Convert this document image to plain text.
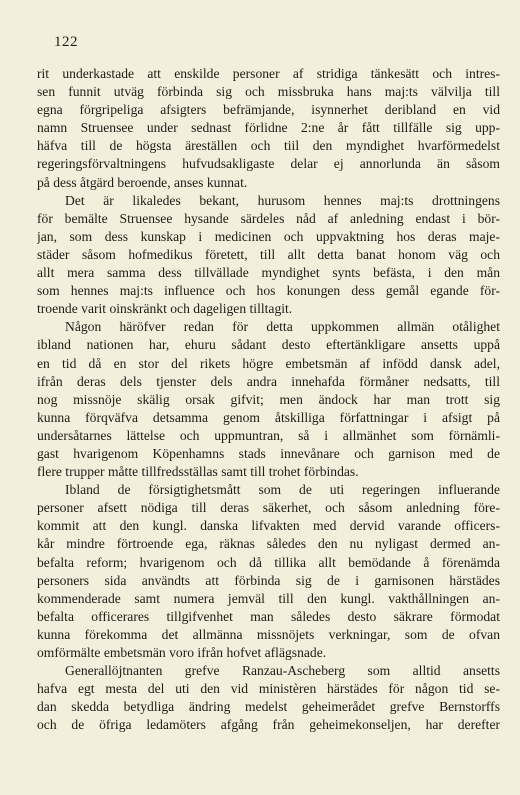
122
rit underkastade att enskilde personer af stridiga tänkesätt och intres-
sen funnit utväg förbinda sig och missbruka hans maj:ts välvilja till
egna förgripeliga afsigters befrämjande, isynnerhet deribland en vid
namn Struensee under sednast förlidne 2:ne år fått tillfälle sig upp-
häfva till de högsta äreställen och tiil den myndighet hvarförmedelst
regeringsförvaltningens hufvudsakligaste delar ej annorlunda än såsom
på dess åtgärd beroende, anses kunnat.
Det är likaledes bekant, hurusom hennes maj:ts drottningens
för bemälte Struensee hysande särdeles nåd af anledning endast i bör-
jan, som dess kunskap i medicinen och uppvaktning hos deras maje-
städer såsom hofmedikus företett, till allt detta banat honom väg och
allt mera samma dess tillvällade myndighet synts befästa, i den mån
som hennes maj:ts influence och hos konungen dess gemål egande för-
troende varit oinskränkt och dageligen tilltagit.
Någon häröfver redan för detta uppkommen allmän otålighet
ibland nationen har, ehuru sådant desto eftertänkligare ansetts uppå
en tid då en stor del rikets högre embetsmän af infödd dansk adel,
ifrån deras dels tjenster dels andra innehafda förmåner nedsatts, till
nog missnöje skälig orsak gifvit; men ändock har man trott sig
kunna förqväfva detsamma genom åtskilliga författningar i afsigt på
undersåtarnes lättelse och uppmuntran, så i allmänhet som förnämli-
gast hvarigenom Köpenhamns stads innevånare och garnison med de
flere trupper måtte tillfredsställas samt till trohet förbindas.
Ibland de försigtighetsmått som de uti regeringen influerande
personer afsett nödiga till deras säkerhet, och såsom anledning före-
kommit att den kungl. danska lifvakten med dervid varande officers-
kår mindre förtroende ega, räknas således den nu nyligast dermed an-
befalta reform; hvarigenom och då tillika allt bemödande å förenämda
personers sida användts att förbinda sig de i garnisonen härstädes
kommenderade samt numera jemväl till den kungl. vakthållningen an-
befalta officerares tillgifvenhet man således desto säkrare förmodat
kunna förekomma det allmänna missnöjets verkningar, som de ofvan
omförmälte embetsmän voro ifrån hofvet aflägsnade.
Generallöjtnanten grefve Ranzau-Ascheberg som alltid ansetts
hafva egt mesta del uti den vid ministèren härstädes för någon tid se-
dan skedda betydliga ändring medelst geheimerådet grefve Bernstorffs
och de öfriga ledamöters afgång från geheimekonseljen, har derefter
